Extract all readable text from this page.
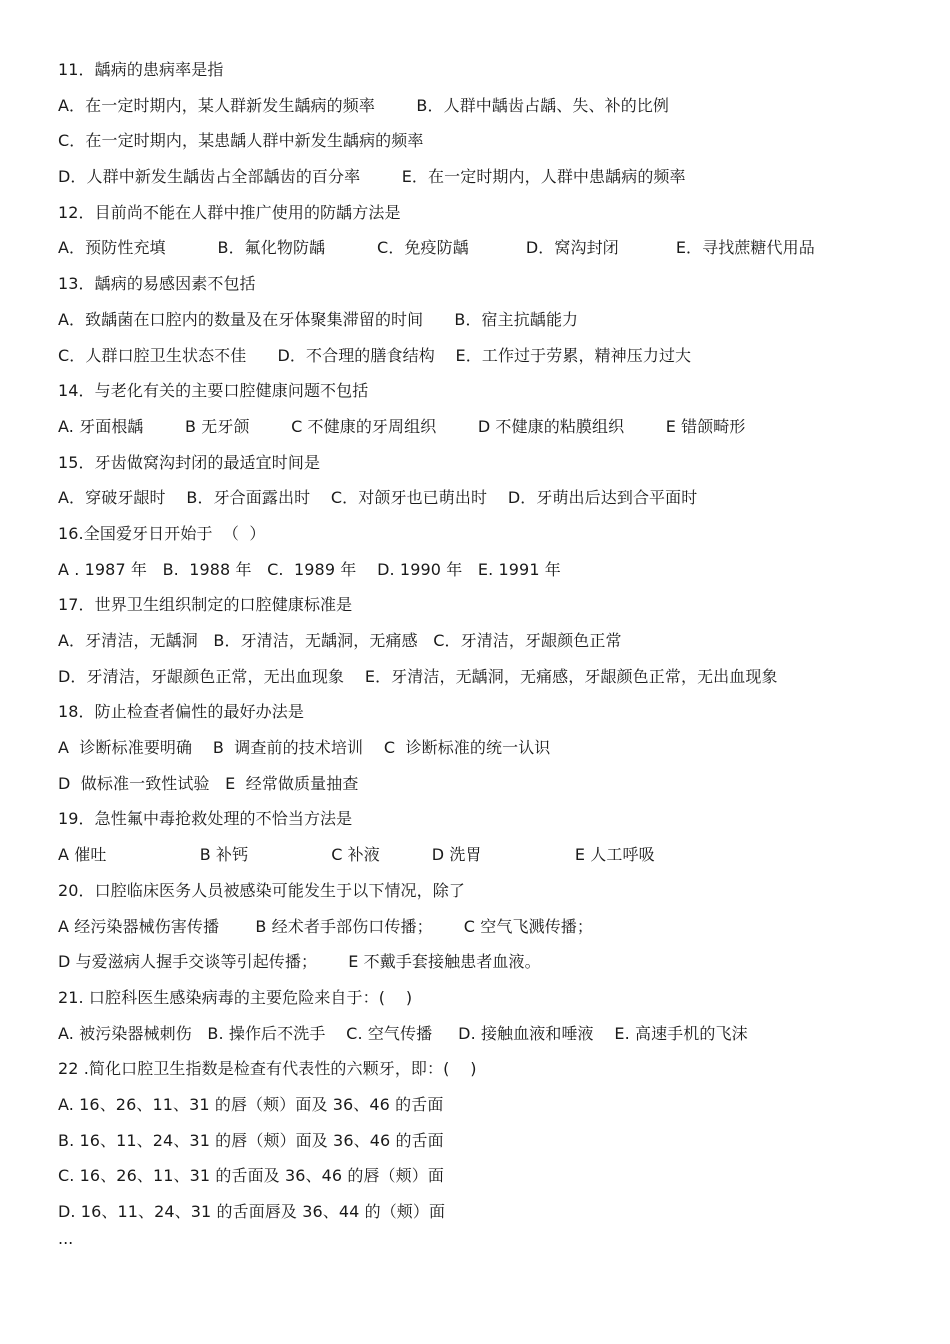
11．龋病的患病率是指
A．在一定时期内，某人群新发生龋病的频率        B．人群中龋齿占龋、失、补的比例
C．在一定时期内，某患龋人群中新发生龋病的频率
D．人群中新发生龋齿占全部龋齿的百分率        E．在一定时期内，人群中患龋病的频率
12．目前尚不能在人群中推广使用的防龋方法是
A．预防性充填          B．氟化物防龋          C．免疫防龋           D．窝沟封闭           E．寻找蔗糖代用品
13．龋病的易感因素不包括
A．致龋菌在口腔内的数量及在牙体聚集滞留的时间      B．宿主抗龋能力
C．人群口腔卫生状态不佳      D．不合理的膳食结构    E．工作过于劳累，精神压力过大
14．与老化有关的主要口腔健康问题不包括
A. 牙面根龋        B 无牙颌        C 不健康的牙周组织        D 不健康的粘膜组织        E 错颌畸形
15．牙齿做窝沟封闭的最适宜时间是
A．穿破牙龈时    B．牙合面露出时    C．对颌牙也已萌出时    D．牙萌出后达到合平面时
16.全国爱牙日开始于  （  ）
A . 1987 年   B.  1988 年   C.  1989 年    D. 1990 年   E. 1991 年
17．世界卫生组织制定的口腔健康标准是
A．牙清洁，无龋洞   B．牙清洁，无龋洞，无痛感   C．牙清洁，牙龈颜色正常
D．牙清洁，牙龈颜色正常，无出血现象    E．牙清洁，无龋洞，无痛感，牙龈颜色正常，无出血现象
18．防止检查者偏性的最好办法是
A  诊断标准要明确    B  调查前的技术培训    C  诊断标准的统一认识
D  做标准一致性试验   E  经常做质量抽查
19．急性氟中毒抢救处理的不恰当方法是
A 催吐                  B 补钙                C 补液          D 洗胃                  E 人工呼吸
20．口腔临床医务人员被感染可能发生于以下情况，除了
A 经污染器械伤害传播       B 经术者手部伤口传播；      C 空气飞溅传播；
D 与爱滋病人握手交谈等引起传播；      E 不戴手套接触患者血液。
21. 口腔科医生感染病毒的主要危险来自于：(    )
A. 被污染器械刺伤   B. 操作后不洗手    C. 空气传播     D. 接触血液和唾液    E. 高速手机的飞沫
22 .简化口腔卫生指数是检查有代表性的六颗牙，即：(    )
A. 16、26、11、31 的唇（颊）面及 36、46 的舌面
B. 16、11、24、31 的唇（颊）面及 36、46 的舌面
C. 16、26、11、31 的舌面及 36、46 的唇（颊）面
D. 16、11、24、31 的舌面唇及 36、44 的（颊）面
...
